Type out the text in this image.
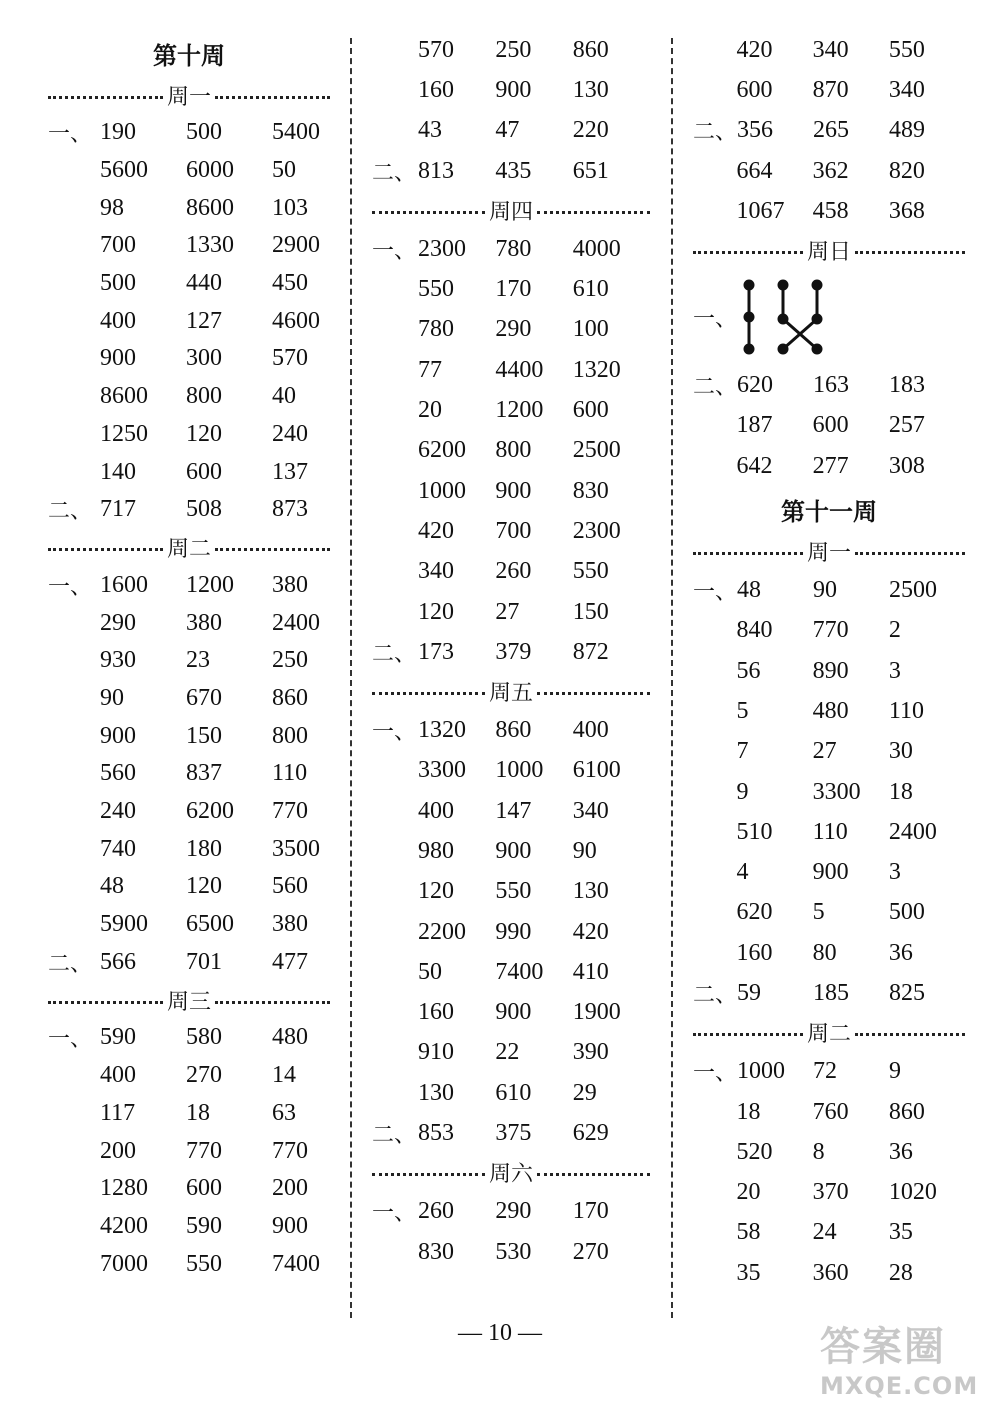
第十周
周一
一、 190	500	5400
5600	6000	50
98	8600	103
700	1330	2900
500	440	450
400	127	4600
900	300	570
8600	800	40
1250	120	240
140	600	137
二、 717	508	873
周二
一、 1600	1200	380
290	380	2400
930	23	250
90	670	860
900	150	800
560	837	110
240	6200	770
740	180	3500
48	120	560
5900	6500	380
二、 566	701	477
周三
一、 590	580	480
400	270	14
117	18	63
200	770	770
1280	600	200
4200	590	900
7000	550	7400
570	250	860
160	900	130
43	47	220
二、 813	435	651
周四
一、 2300	780	4000
550	170	610
780	290	100
77	4400	1320
20	1200	600
6200	800	2500
1000	900	830
420	700	2300
340	260	550
120	27	150
二、 173	379	872
周五
一、 1320	860	400
3300	1000	6100
400	147	340
980	900	90
120	550	130
2200	990	420
50	7400	410
160	900	1900
910	22	390
130	610	29
二、 853	375	629
周六
一、 260	290	170
830	530	270
420	340	550
600	870	340
二、 356	265	489
664	362	820
1067	458	368
周日
一、
二、 620	163	183
187	600	257
642	277	308
第十一周
周一
一、 48	90	2500
840	770	2
56	890	3
5	480	110
7	27	30
9	3300	18
510	110	2400
4	900	3
620	5	500
160	80	36
二、 59	185	825
周二
一、 1000	72	9
18	760	860
520	8	36
20	370	1020
58	24	35
35	360	28
— 10 —	答案圈
MXQE.COM
